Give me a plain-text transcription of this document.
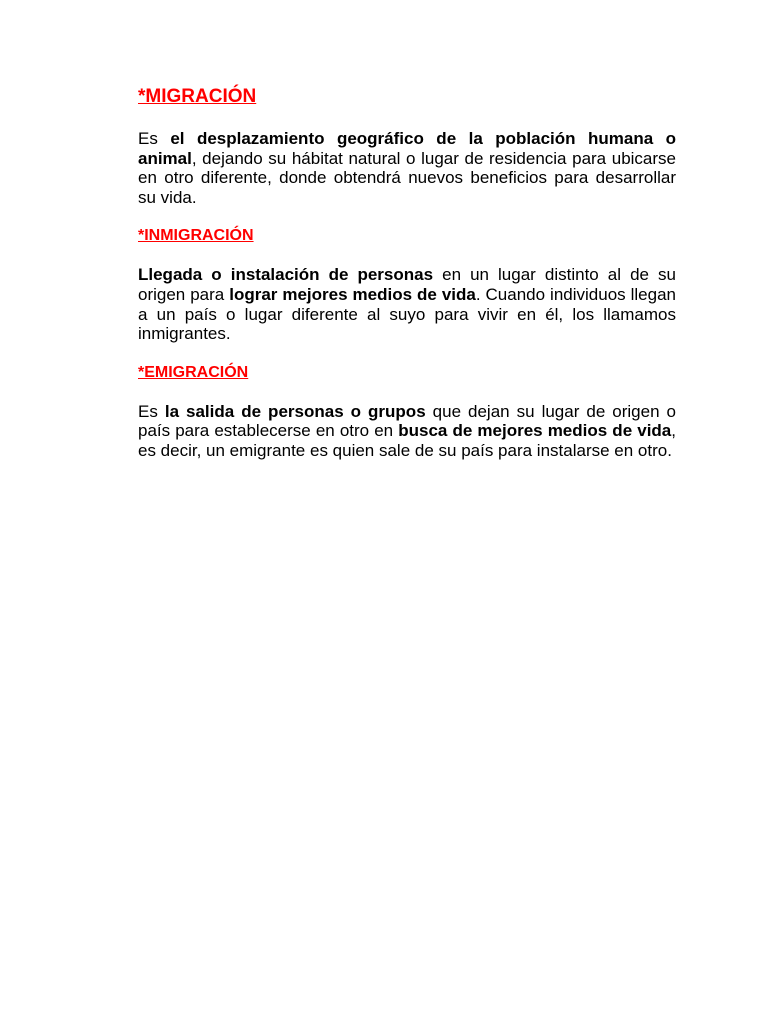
*MIGRACIÓN

Es el desplazamiento geográfico de la población humana o animal, dejando su hábitat natural o lugar de residencia para ubicarse en otro diferente, donde obtendrá nuevos beneficios para desarrollar su vida.

*INMIGRACIÓN

Llegada o instalación de personas en un lugar distinto al de su origen para lograr mejores medios de vida. Cuando individuos llegan a un país o lugar diferente al suyo para vivir en él, los llamamos inmigrantes.

*EMIGRACIÓN

Es la salida de personas o grupos que dejan su lugar de origen o país para establecerse en otro en busca de mejores medios de vida, es decir, un emigrante es quien sale de su país para instalarse en otro.
